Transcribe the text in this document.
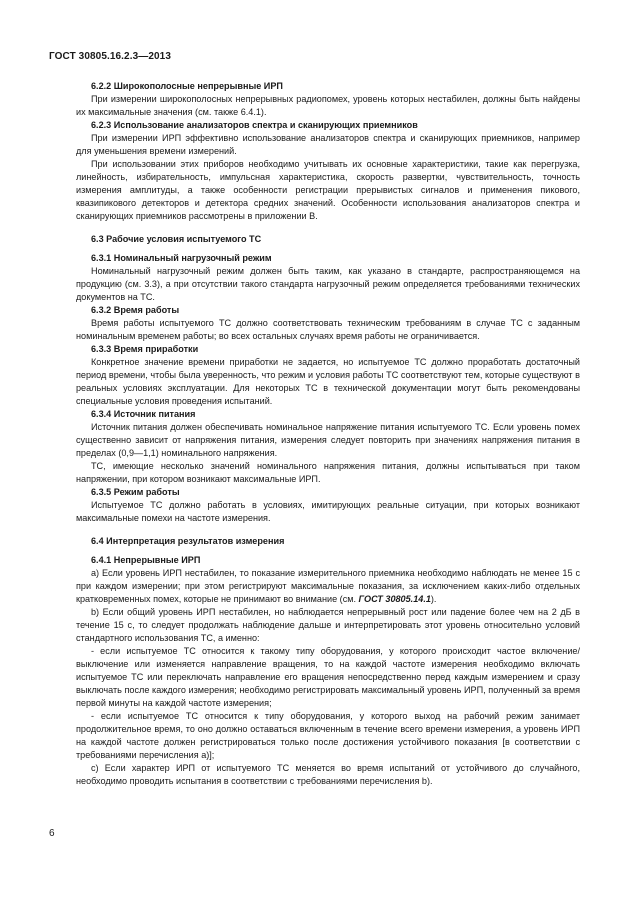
ГОСТ 30805.16.2.3—2013

6.2.2 Широкополосные непрерывные ИРП

При измерении широкополосных непрерывных радиопомех, уровень которых нестабилен, должны быть найдены их максимальные значения (см. также 6.4.1).

6.2.3 Использование анализаторов спектра и сканирующих приемников

При измерении ИРП эффективно использование анализаторов спектра и сканирующих приемников, например для уменьшения времени измерений.

При использовании этих приборов необходимо учитывать их основные характеристики, такие как перегрузка, линейность, избирательность, импульсная характеристика, скорость развертки, чувствительность, точность измерения амплитуды, а также особенности регистрации прерывистых сигналов и применения пикового, квазипикового детекторов и детектора средних значений. Особенности использования анализаторов спектра и сканирующих приемников рассмотрены в приложении В.

6.3 Рабочие условия испытуемого ТС

6.3.1 Номинальный нагрузочный режим

Номинальный нагрузочный режим должен быть таким, как указано в стандарте, распространяющемся на продукцию (см. 3.3), а при отсутствии такого стандарта нагрузочный режим определяется требованиями технических документов на ТС.

6.3.2 Время работы

Время работы испытуемого ТС должно соответствовать техническим требованиям в случае ТС с заданным номинальным временем работы; во всех остальных случаях время работы не ограничивается.

6.3.3 Время приработки

Конкретное значение времени приработки не задается, но испытуемое ТС должно проработать достаточный период времени, чтобы была уверенность, что режим и условия работы ТС соответствуют тем, которые существуют в реальных условиях эксплуатации. Для некоторых ТС в технической документации могут быть рекомендованы специальные условия проведения испытаний.

6.3.4 Источник питания

Источник питания должен обеспечивать номинальное напряжение питания испытуемого ТС. Если уровень помех существенно зависит от напряжения питания, измерения следует повторить при значениях напряжения питания в пределах (0,9—1,1) номинального напряжения.

ТС, имеющие несколько значений номинального напряжения питания, должны испытываться при таком напряжении, при котором возникают максимальные ИРП.

6.3.5 Режим работы

Испытуемое ТС должно работать в условиях, имитирующих реальные ситуации, при которых возникают максимальные помехи на частоте измерения.

6.4 Интерпретация результатов измерения

6.4.1 Непрерывные ИРП

а) Если уровень ИРП нестабилен, то показание измерительного приемника необходимо наблюдать не менее 15 с при каждом измерении; при этом регистрируют максимальные показания, за исключением каких-либо отдельных кратковременных помех, которые не принимают во внимание (см. ГОСТ 30805.14.1).

b) Если общий уровень ИРП нестабилен, но наблюдается непрерывный рост или падение более чем на 2 дБ в течение 15 с, то следует продолжать наблюдение дальше и интерпретировать этот уровень относительно условий стандартного использования ТС, а именно:

- если испытуемое ТС относится к такому типу оборудования, у которого происходит частое включение/выключение или изменяется направление вращения, то на каждой частоте измерения необходимо включать испытуемое ТС или переключать направление его вращения непосредственно перед каждым измерением и сразу выключать после каждого измерения; необходимо регистрировать максимальный уровень ИРП, полученный за время первой минуты на каждой частоте измерения;

- если испытуемое ТС относится к типу оборудования, у которого выход на рабочий режим занимает продолжительное время, то оно должно оставаться включенным в течение всего времени измерения, а уровень ИРП на каждой частоте должен регистрироваться только после достижения устойчивого показания [в соответствии с требованиями перечисления а)];

c) Если характер ИРП от испытуемого ТС меняется во время испытаний от устойчивого до случайного, необходимо проводить испытания в соответствии с требованиями перечисления b).

6
